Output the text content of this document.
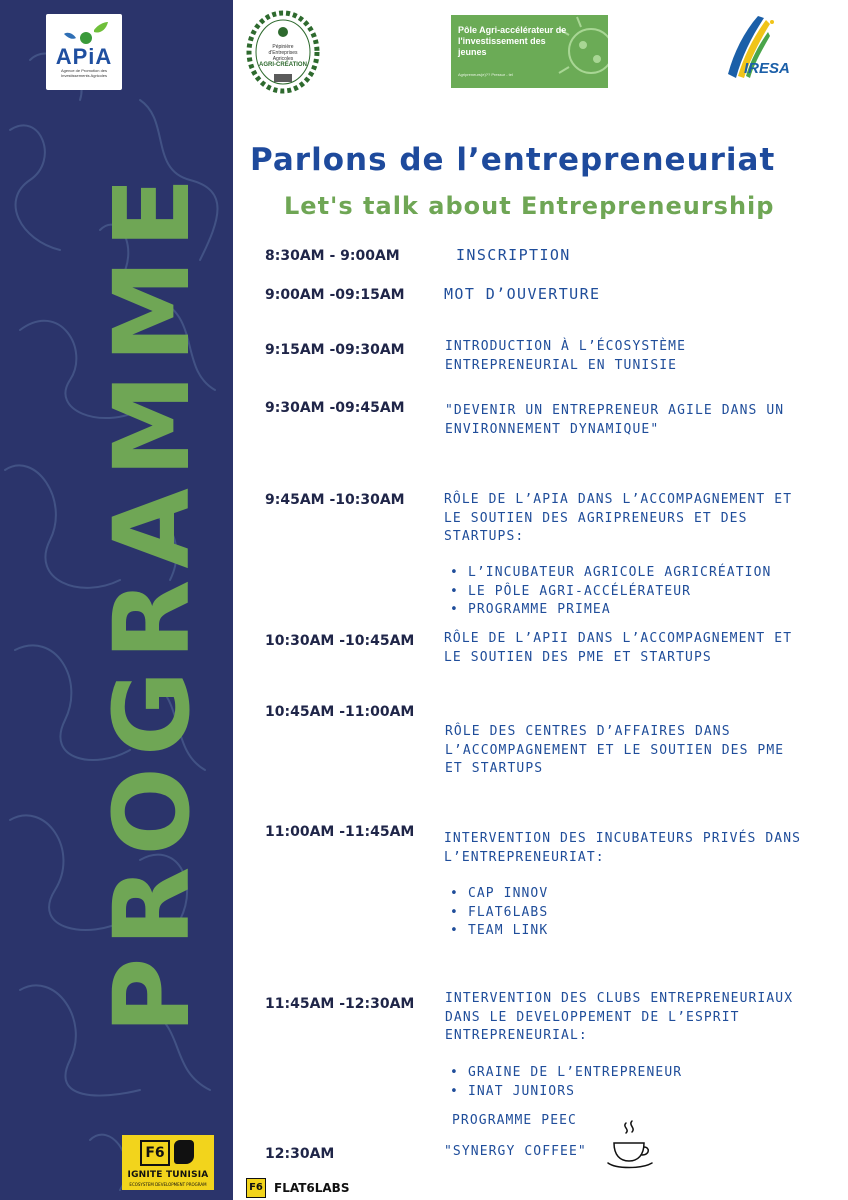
PROGRAMME
APiA
Agence de Promotion des Investissements Agricoles
Pépinière d'Entreprises Agricoles
AGRI-CRÉATION
Pôle Agri-accélérateur de l'investissement des jeunes
Agripreneurs(e)?? Pressur - tel	IRESA
Parlons de l’entrepreneuriat
Let's talk about Entrepreneurship
8:30AM - 9:00AM	INSCRIPTION
9:00AM -09:15AM	MOT D’OUVERTURE
9:15AM -09:30AM	INTRODUCTION À L’ÉCOSYSTÈME
ENTREPRENEURIAL EN TUNISIE
9:30AM -09:45AM	"DEVENIR UN ENTREPRENEUR AGILE DANS UN
ENVIRONNEMENT DYNAMIQUE"
9:45AM -10:30AM	RÔLE DE L’APIA DANS L’ACCOMPAGNEMENT ET
LE SOUTIEN DES AGRIPRENEURS ET DES
STARTUPS:
• L’INCUBATEUR AGRICOLE AGRICRÉATION
• LE PÔLE AGRI-ACCÉLÉRATEUR
• PROGRAMME PRIMEA
10:30AM -10:45AM RÔLE DE L’APII DANS L’ACCOMPAGNEMENT ET
LE SOUTIEN DES PME ET STARTUPS
10:45AM -11:00AM
RÔLE DES CENTRES D’AFFAIRES DANS
L’ACCOMPAGNEMENT ET LE SOUTIEN DES PME
ET STARTUPS
11:00AM -11:45AM INTERVENTION DES INCUBATEURS PRIVÉS DANS
L’ENTREPRENEURIAT:
• CAP INNOV
• FLAT6LABS
• TEAM LINK
11:45AM -12:30AM INTERVENTION DES CLUBS ENTREPRENEURIAUX
DANS LE DEVELOPPEMENT DE L’ESPRIT
ENTREPRENEURIAL:
• GRAINE DE L’ENTREPRENEUR
• INAT JUNIORS
PROGRAMME PEEC
12:30AM	"SYNERGY COFFEE"
F6
IGNITE TUNISIA
ECOSYSTEM DEVELOPMENT PROGRAM	F6 FLAT6LABS
